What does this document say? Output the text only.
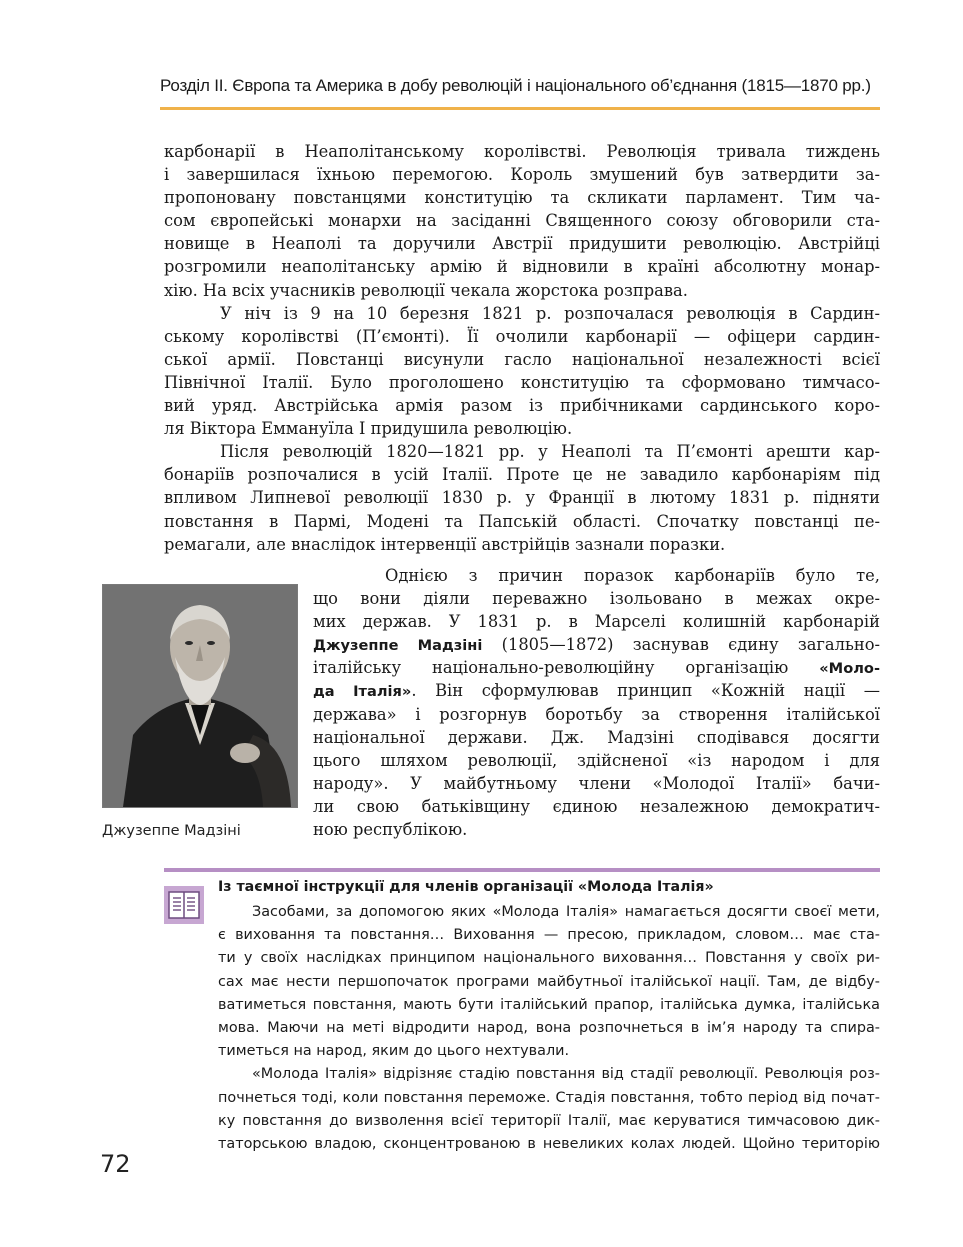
Розділ ІІ. Європа та Америка в добу революцій і національного об’єднання (1815—1870 рр.)
карбонарії в Неаполітанському королівстві. Революція тривала тиждень
і завершилася їхньою перемогою. Король змушений був затвердити за-
пропоновану повстанцями конституцію та скликати парламент. Тим ча-
сом європейські монархи на засіданні Священного союзу обговорили ста-
новище в Неаполі та доручили Австрії придушити революцію. Австрійці
розгромили неаполітанську армію й відновили в країні абсолютну монар-
хію. На всіх учасників революції чекала жорстока розправа.
У ніч із 9 на 10 березня 1821 р. розпочалася революція в Сардин-
ському королівстві (П’ємонті). Її очолили карбонарії — офіцери сардин-
ської армії. Повстанці висунули гасло національної незалежності всієї
Північної Італії. Було проголошено конституцію та сформовано тимчасо-
вий уряд. Австрійська армія разом із прибічниками сардинського коро-
ля Віктора Еммануїла І придушила революцію.
Після революцій 1820—1821 рр. у Неаполі та П’ємонті арешти кар-
бонаріїв розпочалися в усій Італії. Проте це не завадило карбонаріям під
впливом Липневої революції 1830 р. у Франції в лютому 1831 р. підняти
повстання в Пармі, Модені та Папській області. Спочатку повстанці пе-
ремагали, але внаслідок інтервенції австрійців зазнали поразки.
Джузеппе Мадзіні
Однією з причин поразок карбонаріїв було те,
що вони діяли переважно ізольовано в межах окре-
мих держав. У 1831 р. в Марселі колишній карбонарій
Джузеппе Мадзіні (1805—1872) заснував єдину загально-
італійську національно-революційну організацію «Моло-
да Італія». Він сформулював принцип «Кожній нації —
держава» і розгорнув боротьбу за створення італійської
національної держави. Дж. Мадзіні сподівався досягти
цього шляхом революції, здійсненої «із народом і для
народу». У майбутньому члени «Молодої Італії» бачи-
ли свою батьківщину єдиною незалежною демократич-
ною республікою.
Із таємної інструкції для членів організації «Молода Італія»
Засобами, за допомогою яких «Молода Італія» намагається досягти своєї мети,
є виховання та повстання… Виховання — пресою, прикладом, словом… має ста-
ти у своїх наслідках принципом національного виховання… Повстання у своїх ри-
сах має нести першопочаток програми майбутньої італійської нації. Там, де відбу-
ватиметься повстання, мають бути італійський прапор, італійська думка, італійська
мова. Маючи на меті відродити народ, вона розпочнеться в ім’я народу та спира-
тиметься на народ, яким до цього нехтували.
«Молода Італія» відрізняє стадію повстання від стадії революції. Революція роз-
почнеться тоді, коли повстання переможе. Стадія повстання, тобто період від почат-
ку повстання до визволення всієї території Італії, має керуватися тимчасовою дик-
таторською владою, сконцентрованою в невеликих колах людей. Щойно територію
72
